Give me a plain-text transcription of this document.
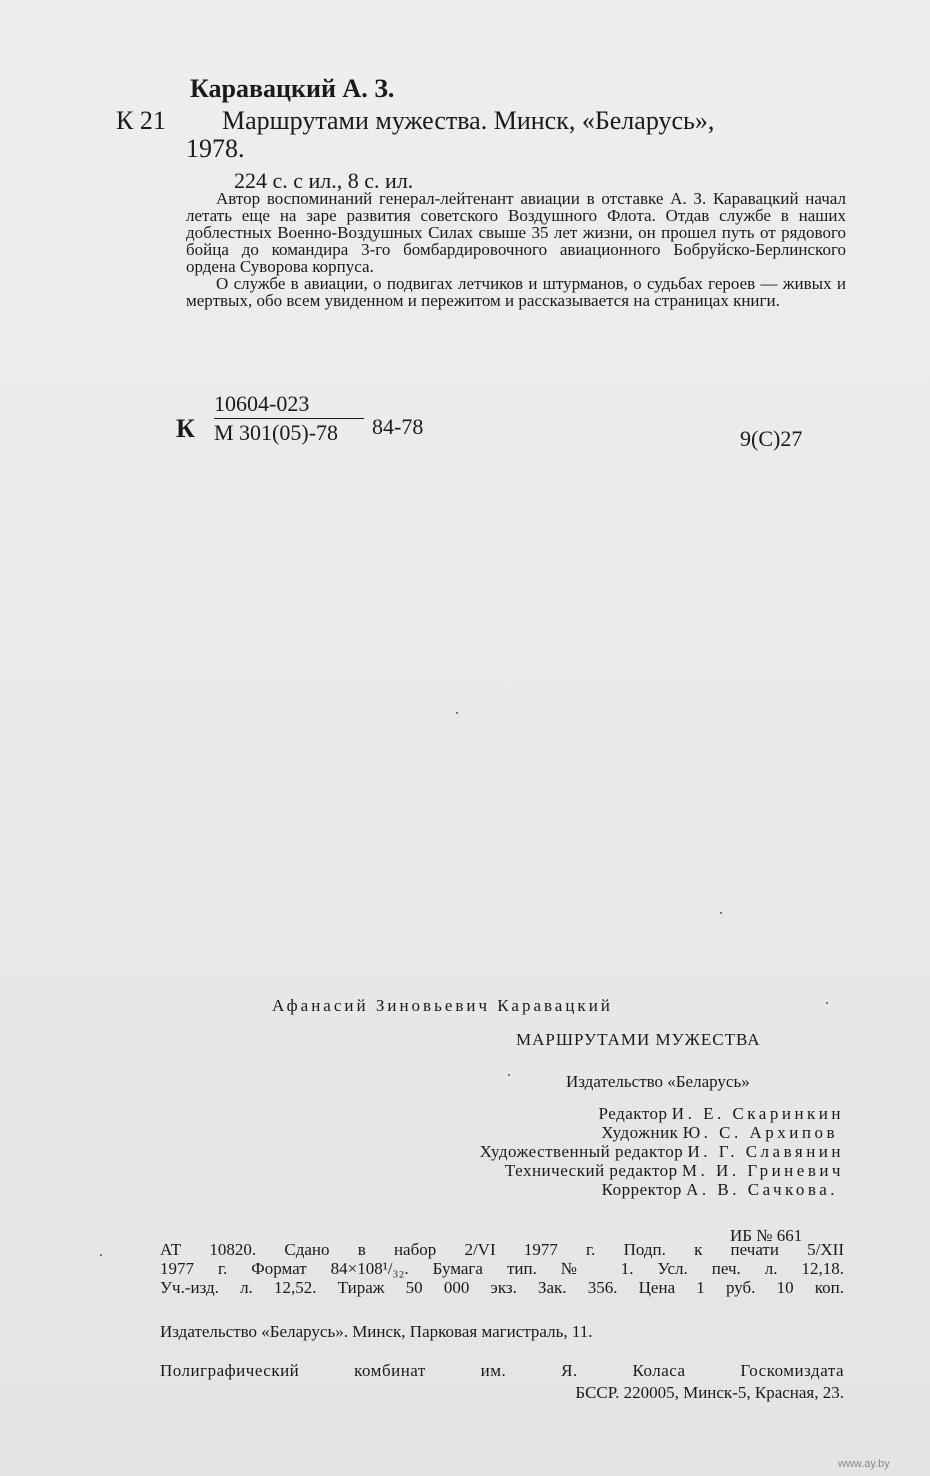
Каравацкий А. З.
К 21 Маршрутами мужества. Минск, «Беларусь»,
1978.
224 с. с ил., 8 с. ил.

Автор воспоминаний генерал-лейтенант авиации в отставке А. З. Каравацкий начал летать еще на заре развития советского Воздушного Флота. Отдав службе в наших доблестных Военно-Воздушных Силах свыше 35 лет жизни, он прошел путь от рядового бойца до командира 3-го бомбардировочного авиационного Бобруйско-Берлинского ордена Суворова корпуса.

О службе в авиации, о подвигах летчиков и штурманов, о судьбах героев — живых и мертвых, обо всем увиденном и пережитом и рассказывается на страницах книги.

К
10604-023
М 301(05)-78	84-78	9(С)27
Афанасий Зиновьевич Каравацкий
МАРШРУТАМИ МУЖЕСТВА
Издательство «Беларусь»
Редактор И. Е. Скаринкин
Художник Ю. С. Архипов
Художественный редактор И. Г. Славянин
Технический редактор М. И. Гриневич
Корректор А. В. Сачкова.
ИБ № 661
АТ 10820. Сдано в набор 2/VI 1977 г. Подп. к печати 5/XII
1977 г. Формат 84×108¹/₃₂. Бумага тип. № 1. Усл. печ. л. 12,18.
Уч.-изд. л. 12,52. Тираж 50 000 экз. Зак. 356. Цена 1 руб. 10 коп.
Издательство «Беларусь». Минск, Парковая магистраль, 11.
Полиграфический комбинат им. Я. Коласа Госкомиздата
БССР. 220005, Минск-5, Красная, 23.
www.ay.by
